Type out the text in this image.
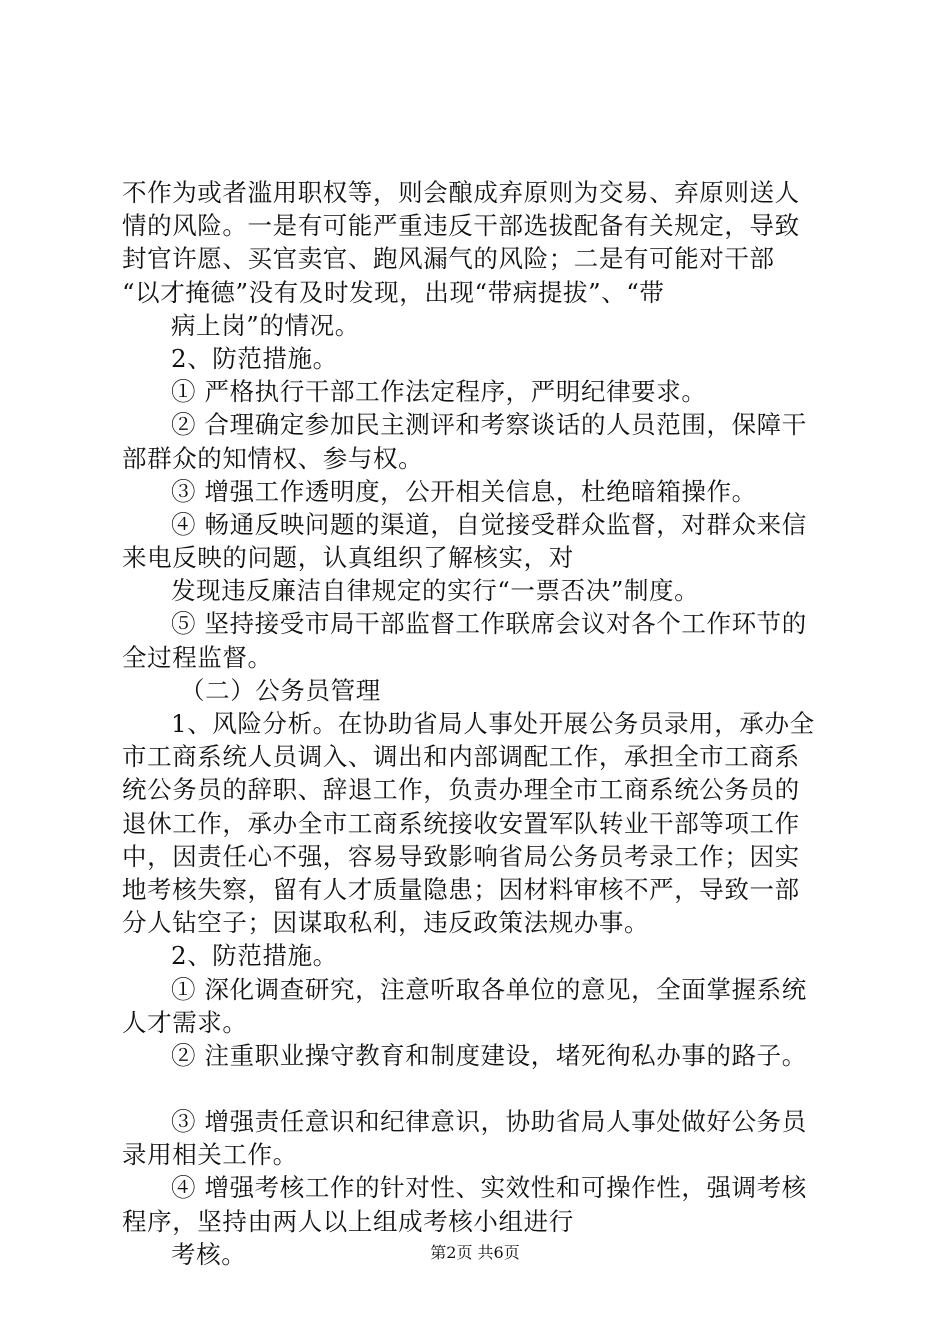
不作为或者滥用职权等，则会酿成弃原则为交易、弃原则送人
情的风险。一是有可能严重违反干部选拔配备有关规定，导致
封官许愿、买官卖官、跑风漏气的风险；二是有可能对干部
“以才掩德”没有及时发现，出现“带病提拔”、“带
病上岗”的情况。
2、防范措施。
① 严格执行干部工作法定程序，严明纪律要求。
② 合理确定参加民主测评和考察谈话的人员范围，保障干
部群众的知情权、参与权。
③ 增强工作透明度，公开相关信息，杜绝暗箱操作。
④ 畅通反映问题的渠道，自觉接受群众监督，对群众来信
来电反映的问题，认真组织了解核实，对
发现违反廉洁自律规定的实行“一票否决”制度。
⑤ 坚持接受市局干部监督工作联席会议对各个工作环节的
全过程监督。
（二）公务员管理
1、风险分析。在协助省局人事处开展公务员录用，承办全
市工商系统人员调入、调出和内部调配工作，承担全市工商系
统公务员的辞职、辞退工作，负责办理全市工商系统公务员的
退休工作，承办全市工商系统接收安置军队转业干部等项工作
中，因责任心不强，容易导致影响省局公务员考录工作；因实
地考核失察，留有人才质量隐患；因材料审核不严，导致一部
分人钻空子；因谋取私利，违反政策法规办事。
2、防范措施。
① 深化调查研究，注意听取各单位的意见，全面掌握系统
人才需求。
② 注重职业操守教育和制度建设，堵死徇私办事的路子。
③ 增强责任意识和纪律意识，协助省局人事处做好公务员
录用相关工作。
④ 增强考核工作的针对性、实效性和可操作性，强调考核
程序，坚持由两人以上组成考核小组进行
考核。	第2页 共6页
